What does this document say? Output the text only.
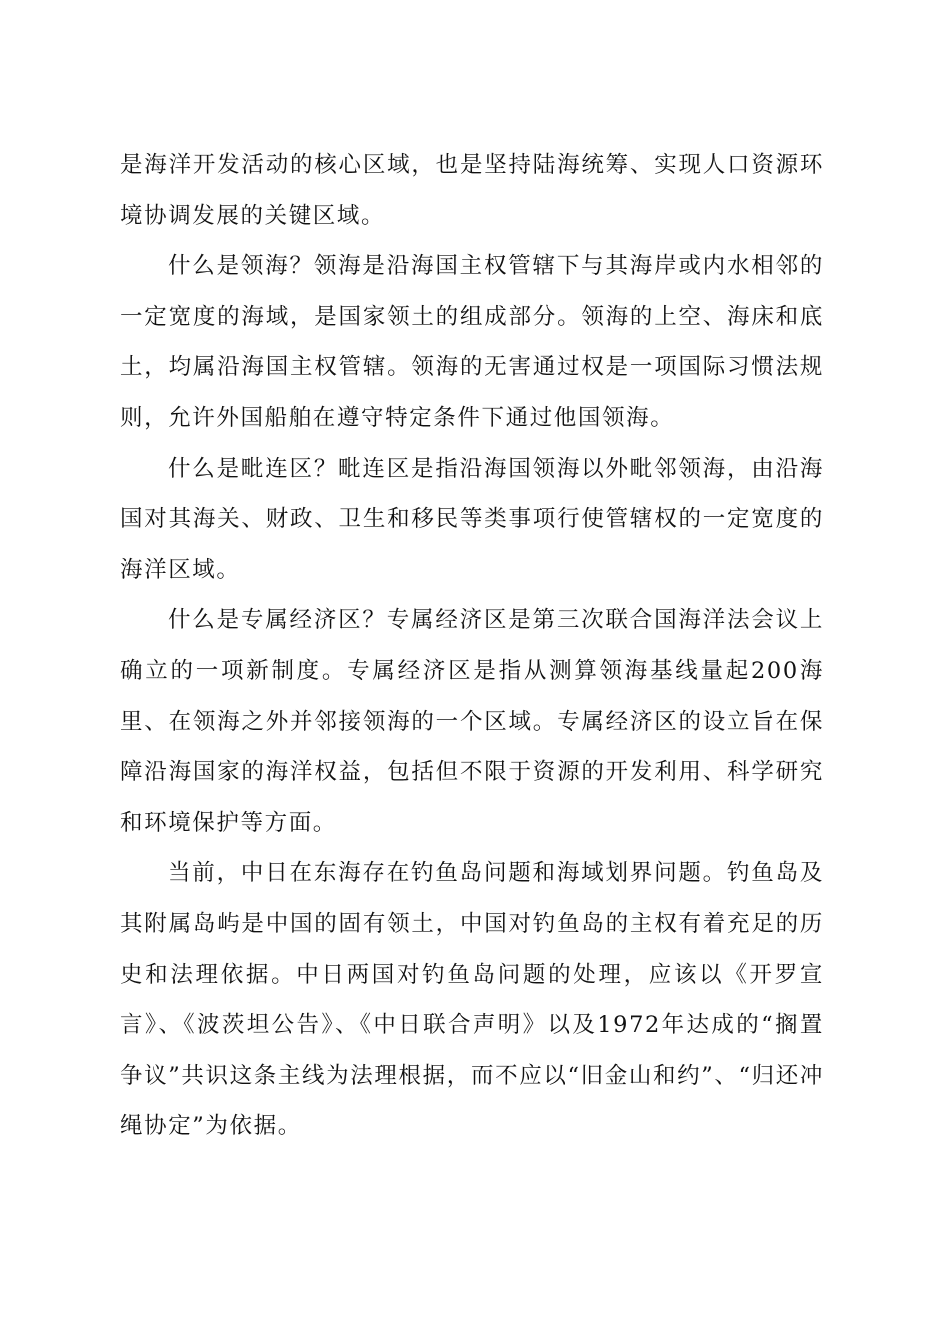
是海洋开发活动的核心区域，也是坚持陆海统筹、实现人口资源环境协调发展的关键区域。

什么是领海？领海是沿海国主权管辖下与其海岸或内水相邻的一定宽度的海域，是国家领土的组成部分。领海的上空、海床和底土，均属沿海国主权管辖。领海的无害通过权是一项国际习惯法规则，允许外国船舶在遵守特定条件下通过他国领海。

什么是毗连区？毗连区是指沿海国领海以外毗邻领海，由沿海国对其海关、财政、卫生和移民等类事项行使管辖权的一定宽度的海洋区域。

什么是专属经济区？专属经济区是第三次联合国海洋法会议上确立的一项新制度。专属经济区是指从测算领海基线量起200海里、在领海之外并邻接领海的一个区域。专属经济区的设立旨在保障沿海国家的海洋权益，包括但不限于资源的开发利用、科学研究和环境保护等方面。

当前，中日在东海存在钓鱼岛问题和海域划界问题。钓鱼岛及其附属岛屿是中国的固有领土，中国对钓鱼岛的主权有着充足的历史和法理依据。中日两国对钓鱼岛问题的处理，应该以《开罗宣言》、《波茨坦公告》、《中日联合声明》以及1972年达成的“搁置争议”共识这条主线为法理根据，而不应以“旧金山和约”、“归还冲绳协定”为依据。
